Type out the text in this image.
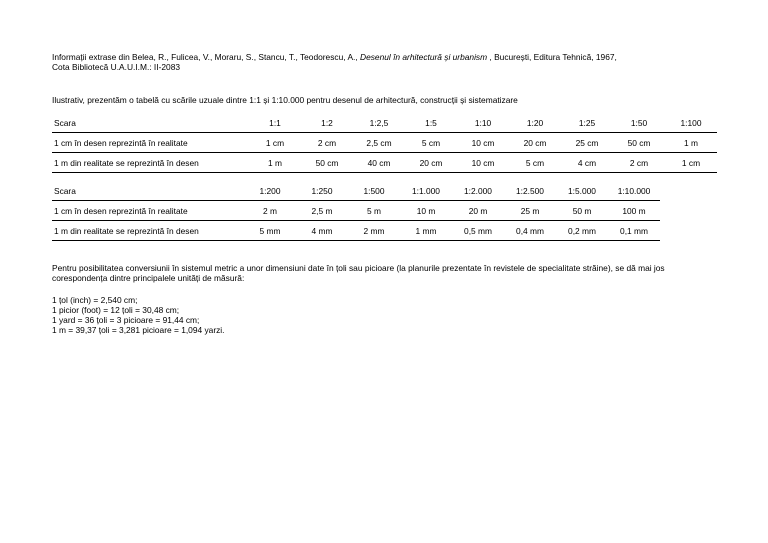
Informații extrase din Belea, R., Fulicea, V., Moraru, S., Stancu, T., Teodorescu, A., Desenul în arhitectură și urbanism , București, Editura Tehnică, 1967,
Cota Bibliotecă U.A.U.I.M.: II-2083
Ilustrativ, prezentăm o tabelă cu scările uzuale dintre 1:1 și 1:10.000 pentru desenul de arhitectură, construcții și sistematizare
Scara	1:1	1:2	1:2,5	1:5	1:10	1:20	1:25	1:50	1:100
1 cm în desen reprezintă în realitate	1 cm	2 cm	2,5 cm	5 cm	10 cm	20 cm	25 cm	50 cm	1 m
1 m din realitate se reprezintă în desen	1 m	50 cm	40 cm	20 cm	10 cm	5 cm	4 cm	2 cm	1 cm
Scara	1:200	1:250	1:500	1:1.000	1:2.000	1:2.500	1:5.000	1:10.000
1 cm în desen reprezintă în realitate	2 m	2,5 m	5 m	10 m	20 m	25 m	50 m	100 m
1 m din realitate se reprezintă în desen	5 mm	4 mm	2 mm	1 mm	0,5 mm	0,4 mm	0,2 mm	0,1 mm
Pentru posibilitatea conversiunii în sistemul metric a unor dimensiuni date în țoli sau picioare (la planurile prezentate în revistele de specialitate străine), se dă mai jos corespondența dintre principalele unități de măsură:
1 țol (inch) = 2,540 cm;
1 picior (foot) = 12 țoli = 30,48 cm;
1 yard = 36 țoli = 3 picioare = 91,44 cm;
1 m = 39,37 țoli = 3,281 picioare = 1,094 yarzi.
